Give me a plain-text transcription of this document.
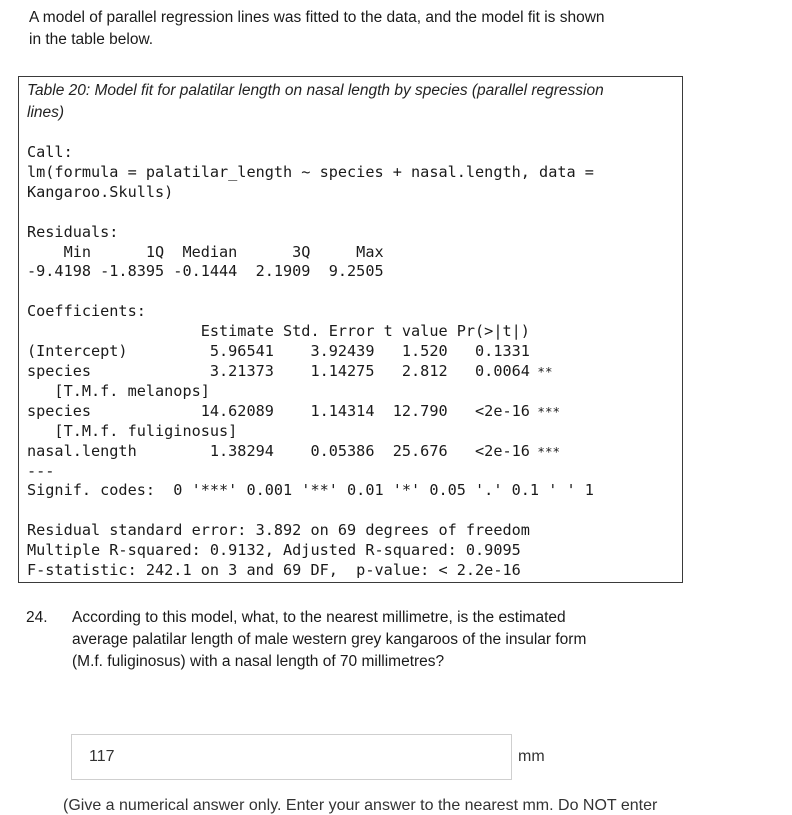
A model of parallel regression lines was fitted to the data, and the model fit is shown
in the table below.
Table 20: Model fit for palatilar length on nasal length by species (parallel regression
lines)
Call:
lm(formula = palatilar_length ~ species + nasal.length, data =
Kangaroo.Skulls)

Residuals:
Min      1Q  Median      3Q     Max
-9.4198 -1.8395 -0.1444  2.1909  9.2505

Coefficients:
Estimate Std. Error t value Pr(>|t|)
(Intercept)         5.96541    3.92439   1.520   0.1331
species             3.21373    1.14275   2.812   0.0064 **
[T.M.f. melanops]
species            14.62089    1.14314  12.790   <2e-16 ***
[T.M.f. fuliginosus]
nasal.length        1.38294    0.05386  25.676   <2e-16 ***
---
Signif. codes:  0 '***' 0.001 '**' 0.01 '*' 0.05 '.' 0.1 ' ' 1

Residual standard error: 3.892 on 69 degrees of freedom
Multiple R-squared: 0.9132, Adjusted R-squared: 0.9095
F-statistic: 242.1 on 3 and 69 DF,  p-value: < 2.2e-16
24. According to this model, what, to the nearest millimetre, is the estimated
average palatilar length of male western grey kangaroos of the insular form
(M.f. fuliginosus) with a nasal length of 70 millimetres?
117
mm
(Give a numerical answer only. Enter your answer to the nearest mm. Do NOT enter
